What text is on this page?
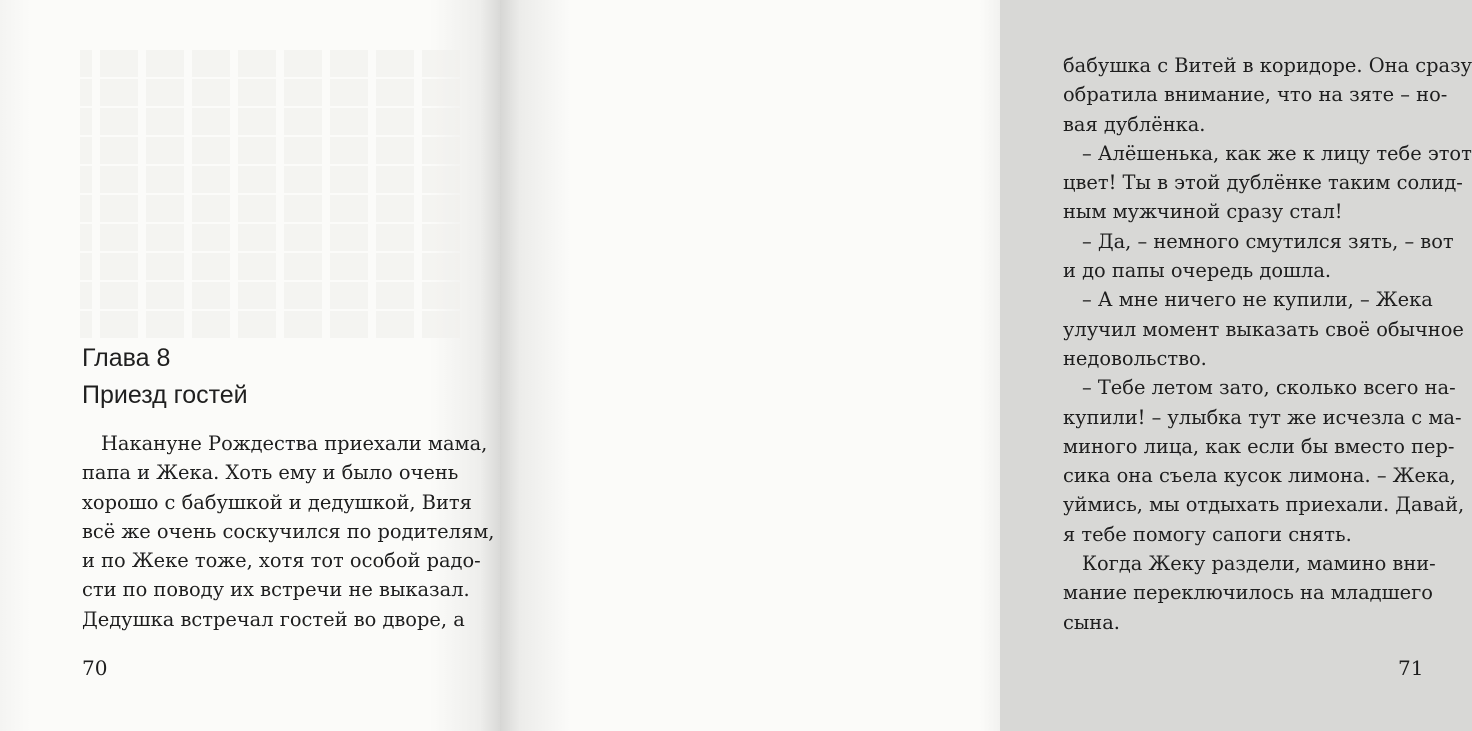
Глава 8
Приезд гостей
Накануне Рождества приехали мама,
папа и Жека. Хоть ему и было очень
хорошо с бабушкой и дедушкой, Витя
всё же очень соскучился по родителям,
и по Жеке тоже, хотя тот особой радо-
сти по поводу их встречи не выказал.
Дедушка встречал гостей во дворе, а
70
бабушка с Витей в коридоре. Она сразу
обратила внимание, что на зяте – но-
вая дублёнка.
– Алёшенька, как же к лицу тебе этот
цвет! Ты в этой дублёнке таким солид-
ным мужчиной сразу стал!
– Да, – немного смутился зять, – вот
и до папы очередь дошла.
– А мне ничего не купили, – Жека
улучил момент выказать своё обычное
недовольство.
– Тебе летом зато, сколько всего на-
купили! – улыбка тут же исчезла с ма-
миного лица, как если бы вместо пер-
сика она съела кусок лимона. – Жека,
уймись, мы отдыхать приехали. Давай,
я тебе помогу сапоги снять.
Когда Жеку раздели, мамино вни-
мание переключилось на младшего
сына.
71
